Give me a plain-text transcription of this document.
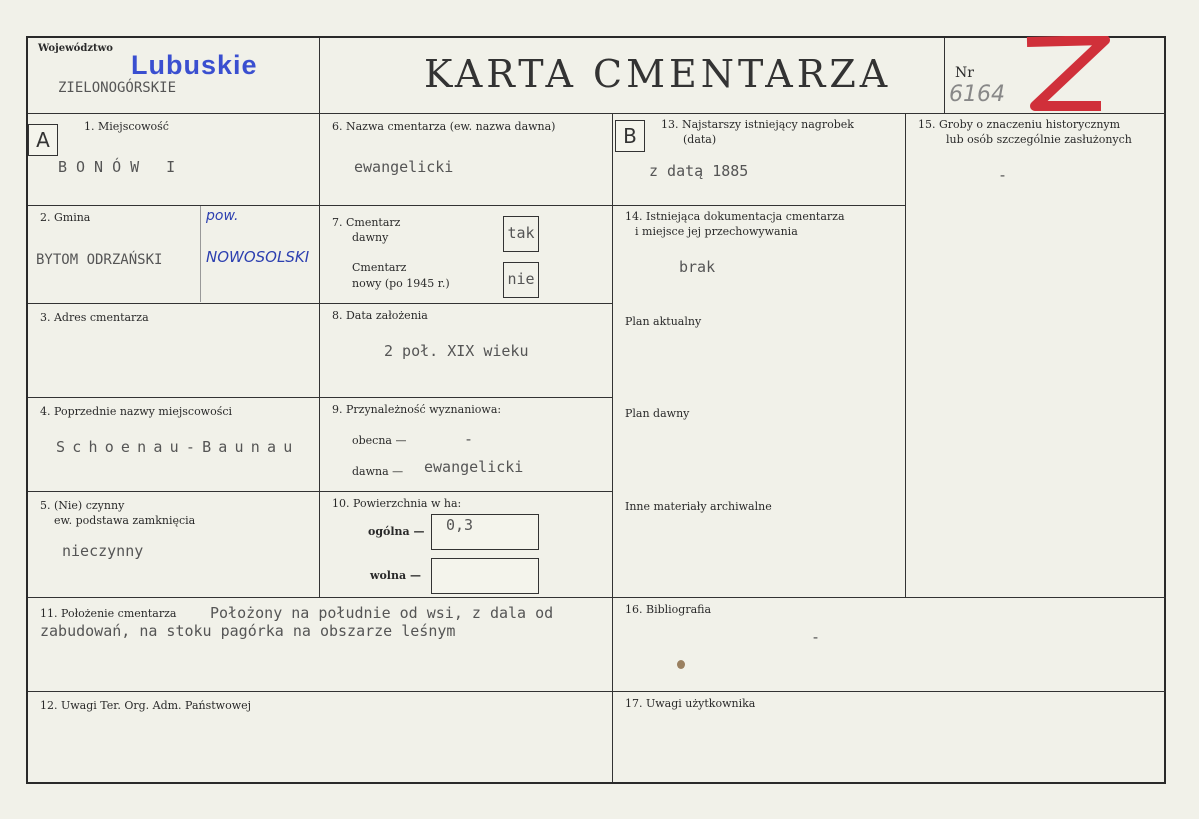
Województwo
Lubuskie
ZIELONOGÓRSKIE	KARTA CMENTARZA	Nr
6164
A
1. Miejscowość
BONÓW I
6. Nazwa cmentarza (ew. nazwa dawna)
ewangelicki
B	13. Najstarszy istniejący nagrobek
(data)
z datą 1885
2. Gmina	pow.
BYTOM ODRZAŃSKI	NOWOSOLSKI
7. Cmentarz
dawny	tak
Cmentarz
nowy (po 1945 r.)	nie
3. Adres cmentarza	8. Data założenia
2 poł. XIX wieku
4. Poprzednie nazwy miejscowości
Schoenau-Baunau
9. Przynależność wyznaniowa:
obecna —	-
dawna — ewangelicki
5. (Nie) czynny
ew. podstawa zamknięcia
nieczynny
10. Powierzchnia w ha:
ogólna — 0,3
wolna —
14. Istniejąca dokumentacja cmentarza
i miejsce jej przechowywania
brak
Plan aktualny
Plan dawny
Inne materiały archiwalne
15. Groby o znaczeniu historycznym
lub osób szczególnie zasłużonych
-
11. Położenie cmentarza Położony na południe od wsi, z dala od
zabudowań, na stoku pagórka na obszarze leśnym
16. Bibliografia
-
12. Uwagi Ter. Org. Adm. Państwowej	17. Uwagi użytkownika
